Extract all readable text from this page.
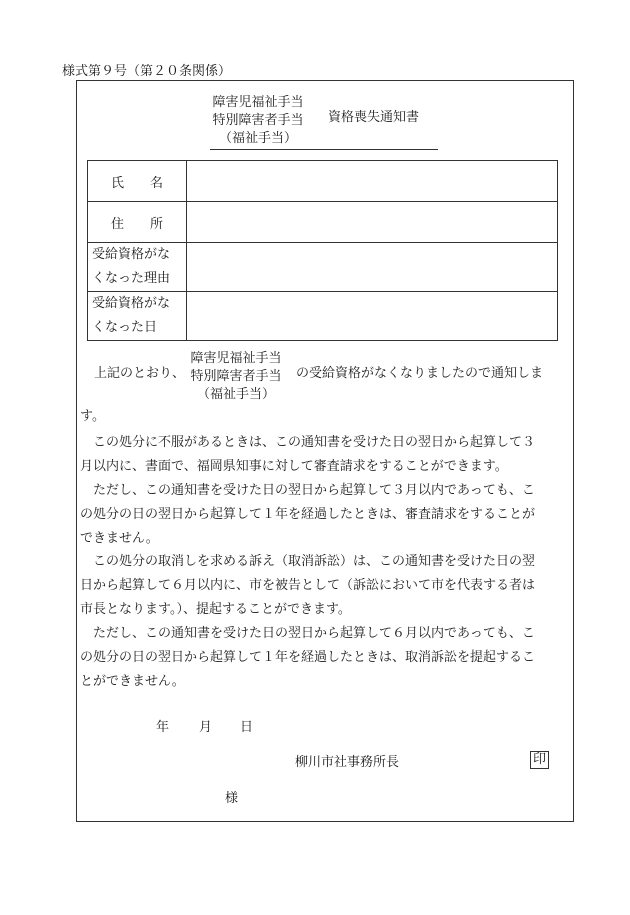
様式第９号（第２０条関係）
障害児福祉手当
特別障害者手当
（福祉手当）
資格喪失通知書
氏　　名	
住　　所	

受給資格がな
くなった理由	

受給資格がな
くなった日	

上記のとおり、
障害児福祉手当
特別障害者手当
（福祉手当）
の受給資格がなくなりましたので通知しま
す。
　この処分に不服があるときは、この通知書を受けた日の翌日から起算して３
月以内に、書面で、福岡県知事に対して審査請求をすることができます。
　ただし、この通知書を受けた日の翌日から起算して３月以内であっても、こ
の処分の日の翌日から起算して１年を経過したときは、審査請求をすることが
できません。
　この処分の取消しを求める訴え（取消訴訟）は、この通知書を受けた日の翌
日から起算して６月以内に、市を被告として（訴訟において市を代表する者は
市長となります。）、提起することができます。
　ただし、この通知書を受けた日の翌日から起算して６月以内であっても、こ
の処分の日の翌日から起算して１年を経過したときは、取消訴訟を提起するこ
とができません。
年 月 日
柳川市社事務所長	印
様
